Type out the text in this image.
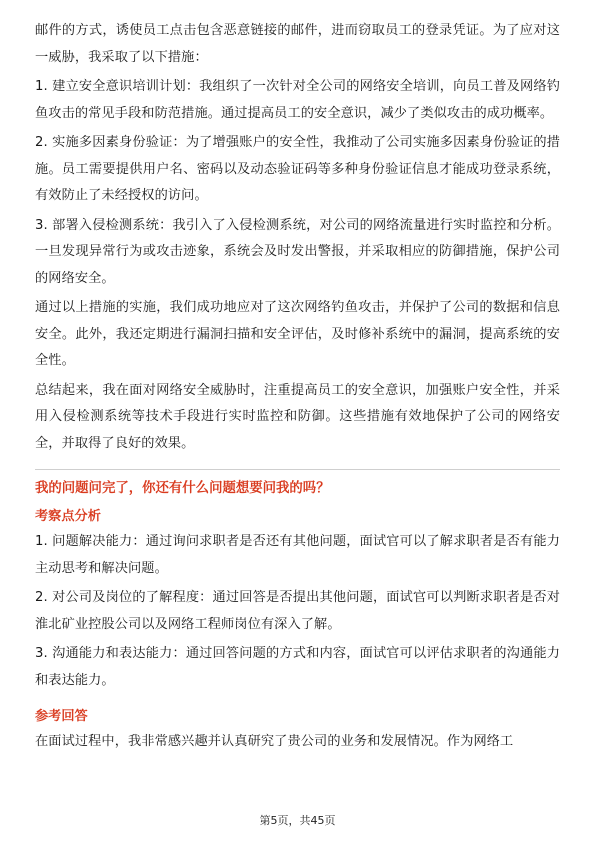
邮件的方式，诱使员工点击包含恶意链接的邮件，进而窃取员工的登录凭证。为了应对这一威胁，我采取了以下措施：

1. 建立安全意识培训计划：我组织了一次针对全公司的网络安全培训，向员工普及网络钓鱼攻击的常见手段和防范措施。通过提高员工的安全意识，减少了类似攻击的成功概率。

2. 实施多因素身份验证：为了增强账户的安全性，我推动了公司实施多因素身份验证的措施。员工需要提供用户名、密码以及动态验证码等多种身份验证信息才能成功登录系统，有效防止了未经授权的访问。

3. 部署入侵检测系统：我引入了入侵检测系统，对公司的网络流量进行实时监控和分析。一旦发现异常行为或攻击迹象，系统会及时发出警报，并采取相应的防御措施，保护公司的网络安全。

通过以上措施的实施，我们成功地应对了这次网络钓鱼攻击，并保护了公司的数据和信息安全。此外，我还定期进行漏洞扫描和安全评估，及时修补系统中的漏洞，提高系统的安全性。

总结起来，我在面对网络安全威胁时，注重提高员工的安全意识，加强账户安全性，并采用入侵检测系统等技术手段进行实时监控和防御。这些措施有效地保护了公司的网络安全，并取得了良好的效果。

我的问题问完了，你还有什么问题想要问我的吗？

考察点分析

1. 问题解决能力：通过询问求职者是否还有其他问题，面试官可以了解求职者是否有能力主动思考和解决问题。

2. 对公司及岗位的了解程度：通过回答是否提出其他问题，面试官可以判断求职者是否对淮北矿业控股公司以及网络工程师岗位有深入了解。

3. 沟通能力和表达能力：通过回答问题的方式和内容，面试官可以评估求职者的沟通能力和表达能力。

参考回答

在面试过程中，我非常感兴趣并认真研究了贵公司的业务和发展情况。作为网络工

第5页，共45页
